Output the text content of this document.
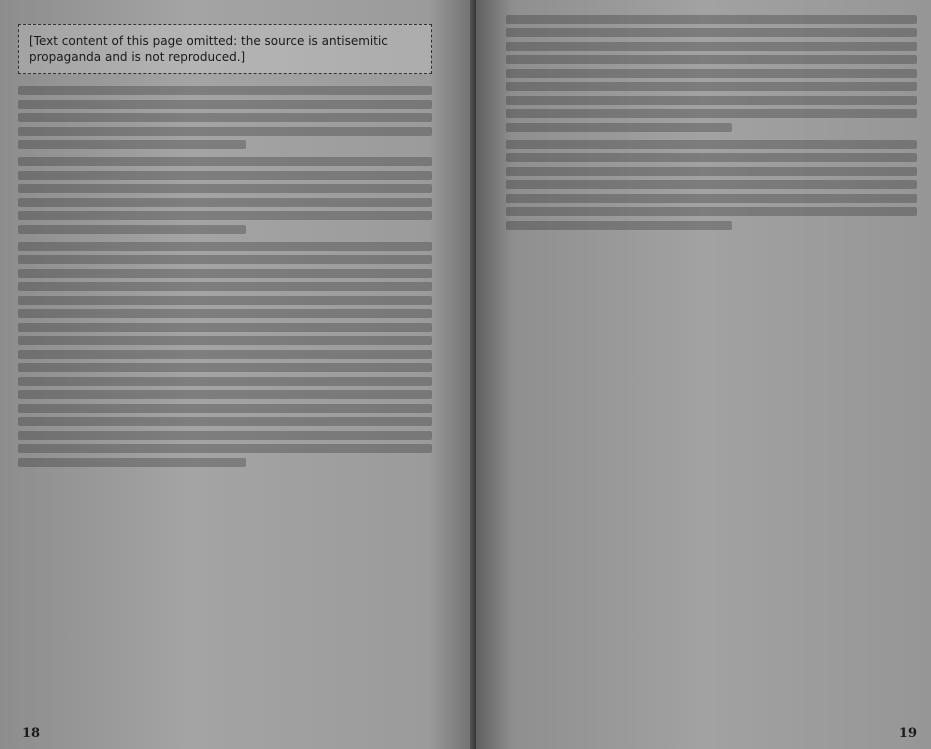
[Text content of this page omitted: the source is antisemitic propaganda and is not reproduced.]
18	19
